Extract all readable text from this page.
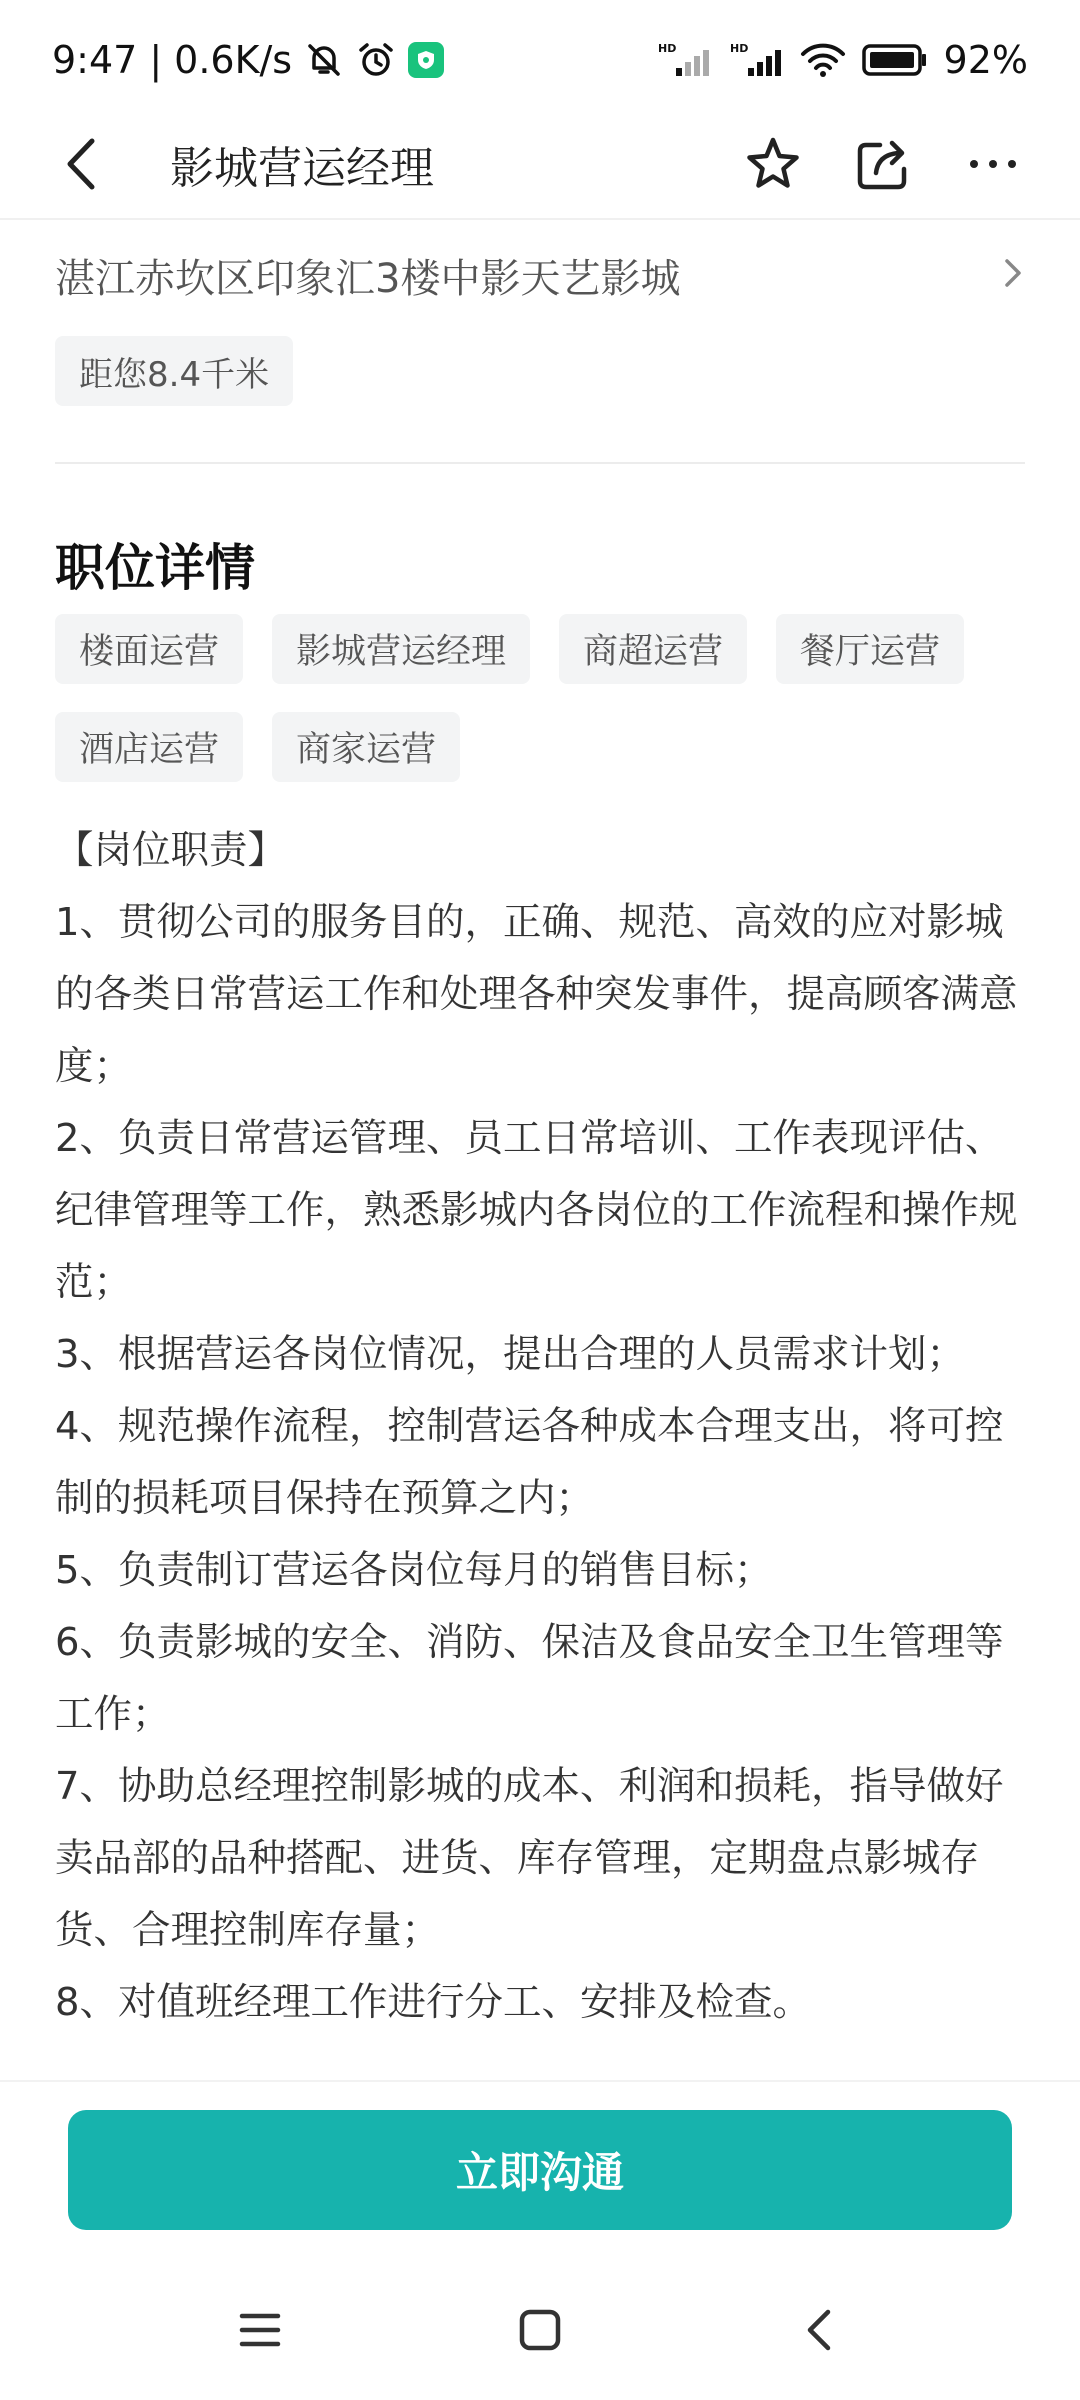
9:47 | 0.6K/s	HD	HD	92%
影城营运经理
湛江赤坎区印象汇3楼中影天艺影城
距您8.4千米
职位详情
楼面运营	影城营运经理	商超运营	餐厅运营
酒店运营	商家运营

【岗位职责】

1、贯彻公司的服务目的，正确、规范、高效的应对影城的各类日常营运工作和处理各种突发事件，提高顾客满意度；

2、负责日常营运管理、员工日常培训、工作表现评估、纪律管理等工作，熟悉影城内各岗位的工作流程和操作规范；

3、根据营运各岗位情况，提出合理的人员需求计划；

4、规范操作流程，控制营运各种成本合理支出，将可控制的损耗项目保持在预算之内；

5、负责制订营运各岗位每月的销售目标；

6、负责影城的安全、消防、保洁及食品安全卫生管理等工作；

7、协助总经理控制影城的成本、利润和损耗，指导做好卖品部的品种搭配、进货、库存管理，定期盘点影城存货、合理控制库存量；

8、对值班经理工作进行分工、安排及检查。

立即沟通
